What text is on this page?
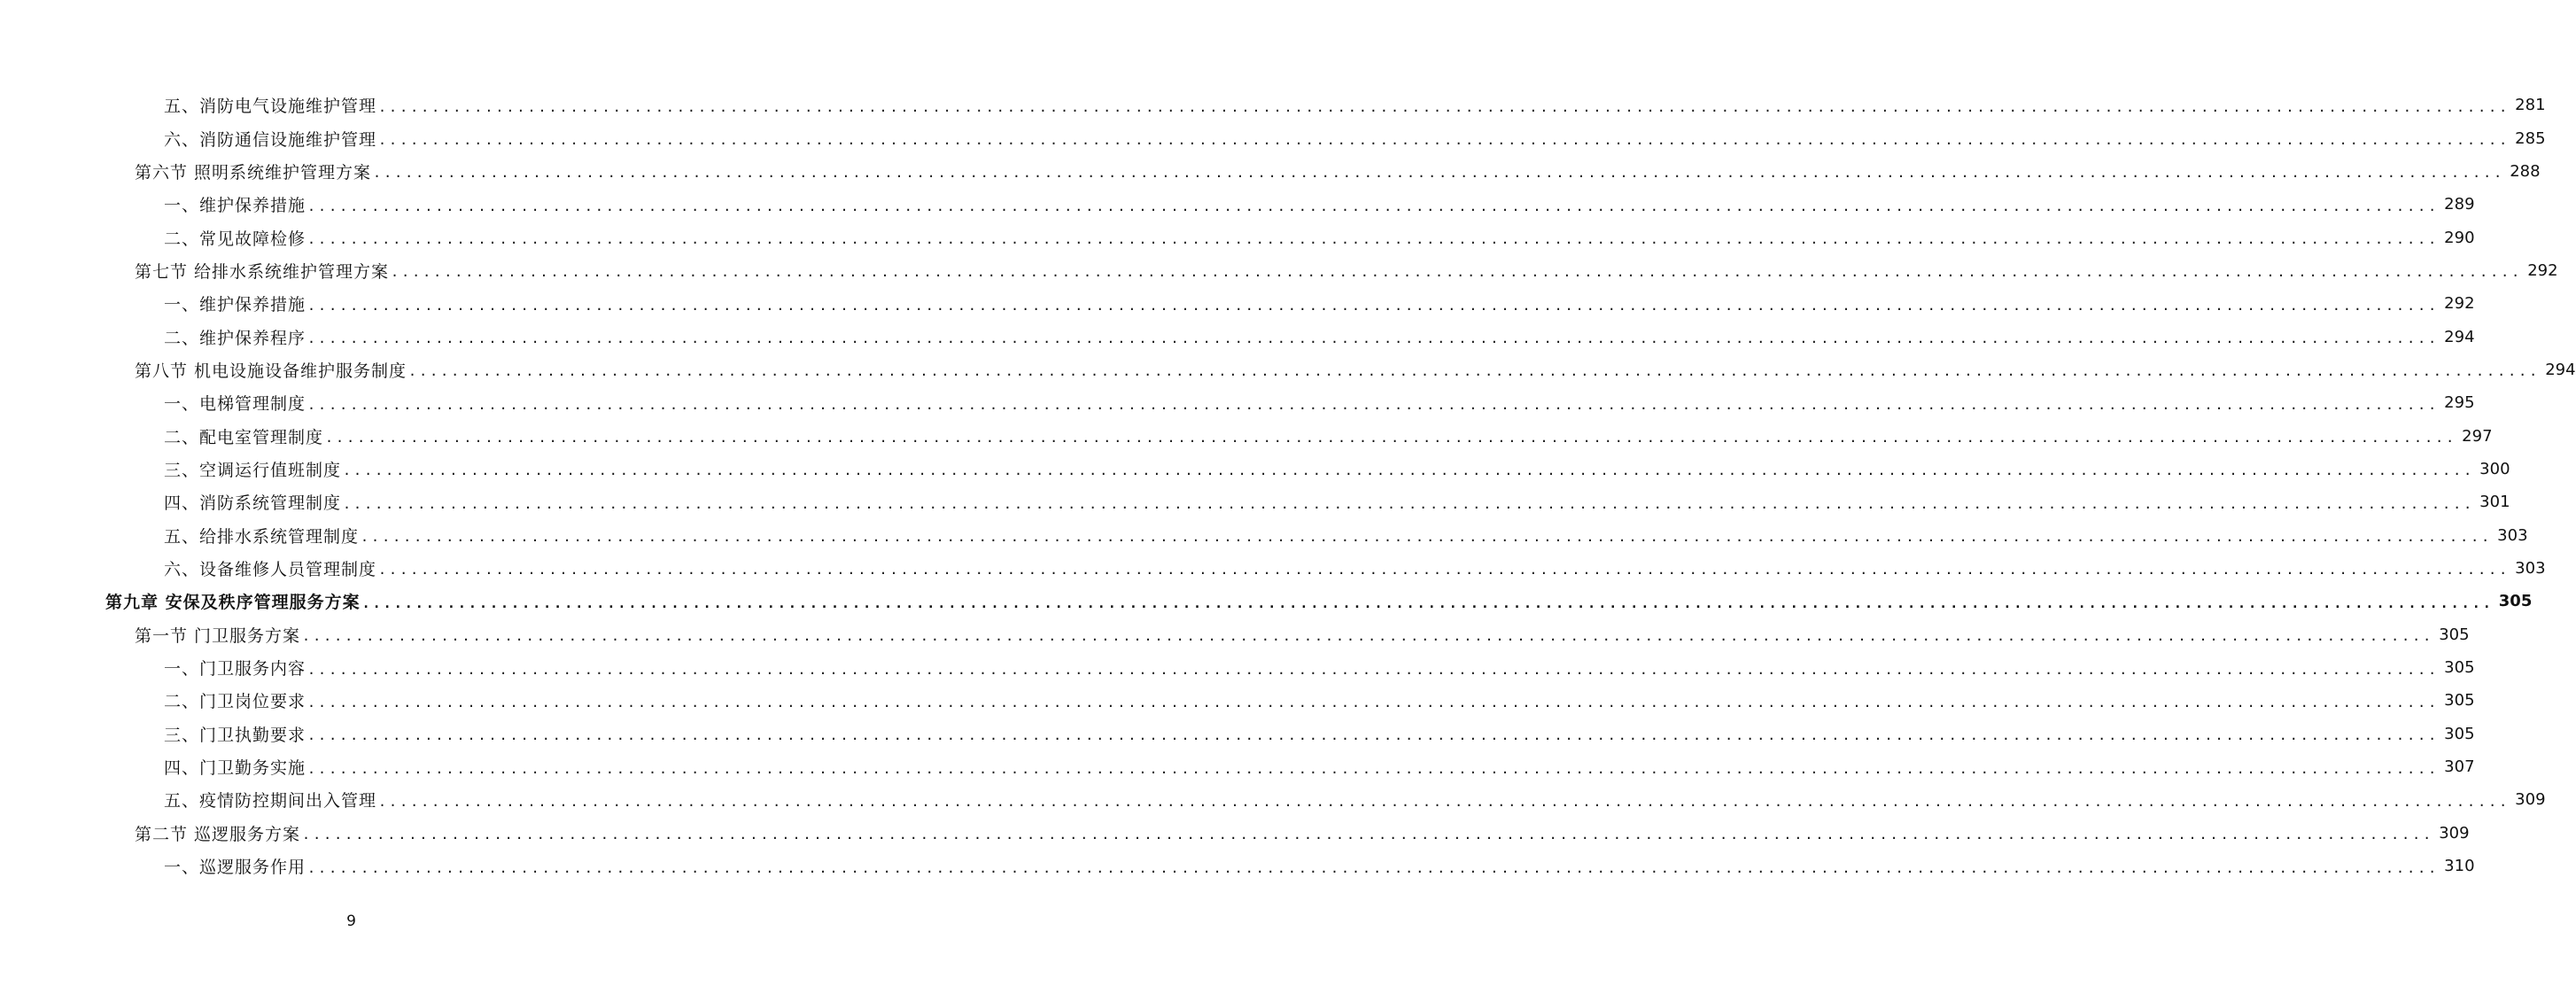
五、消防电气设施维护管理 ........................................................................................................................................................................................................ 281
六、消防通信设施维护管理 ........................................................................................................................................................................................................ 285
第六节 照明系统维护管理方案 ........................................................................................................................................................................................................ 288
一、维护保养措施 ........................................................................................................................................................................................................ 289
二、常见故障检修 ........................................................................................................................................................................................................ 290
第七节 给排水系统维护管理方案 ........................................................................................................................................................................................................ 292
一、维护保养措施 ........................................................................................................................................................................................................ 292
二、维护保养程序 ........................................................................................................................................................................................................ 294
第八节 机电设施设备维护服务制度 ........................................................................................................................................................................................................ 294
一、电梯管理制度 ........................................................................................................................................................................................................ 295
二、配电室管理制度 ........................................................................................................................................................................................................ 297
三、空调运行值班制度 ........................................................................................................................................................................................................ 300
四、消防系统管理制度 ........................................................................................................................................................................................................ 301
五、给排水系统管理制度 ........................................................................................................................................................................................................ 303
六、设备维修人员管理制度 ........................................................................................................................................................................................................ 303
第九章 安保及秩序管理服务方案 ........................................................................................................................................................................................................ 305
第一节 门卫服务方案 ........................................................................................................................................................................................................ 305
一、门卫服务内容 ........................................................................................................................................................................................................ 305
二、门卫岗位要求 ........................................................................................................................................................................................................ 305
三、门卫执勤要求 ........................................................................................................................................................................................................ 305
四、门卫勤务实施 ........................................................................................................................................................................................................ 307
五、疫情防控期间出入管理 ........................................................................................................................................................................................................ 309
第二节 巡逻服务方案 ........................................................................................................................................................................................................ 309
一、巡逻服务作用 ........................................................................................................................................................................................................ 310
9
